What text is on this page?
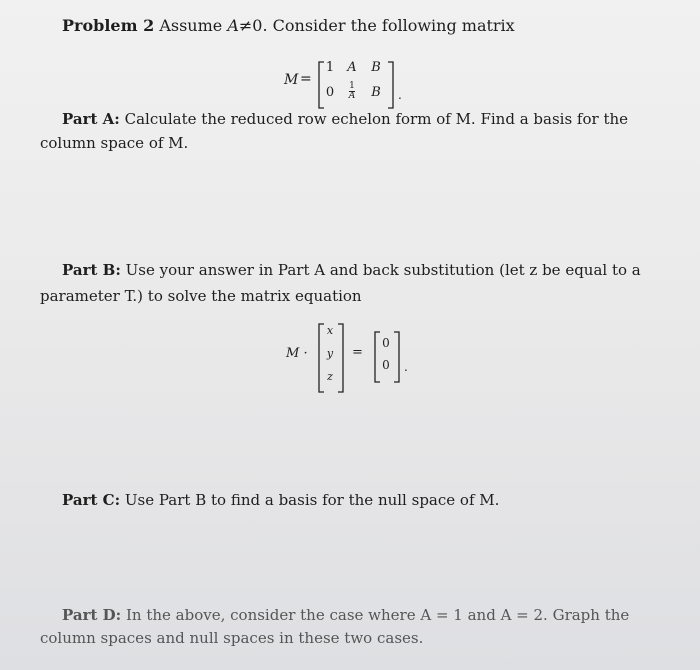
Problem 2 Assume A≠0. Consider the following matrix
M =
1 A B
0	$\frac{1}{A}$ B .
Part A: Calculate the reduced row echelon form of M. Find a basis for the
column space of M.
Part B: Use your answer in Part A and back substitution (let z be equal to a
parameter T.) to solve the matrix equation
M ·
x
y
z
=
0
0	.
Part C: Use Part B to find a basis for the null space of M.
Part D: In the above, consider the case where A = 1 and A = 2. Graph the
column spaces and null spaces in these two cases.
